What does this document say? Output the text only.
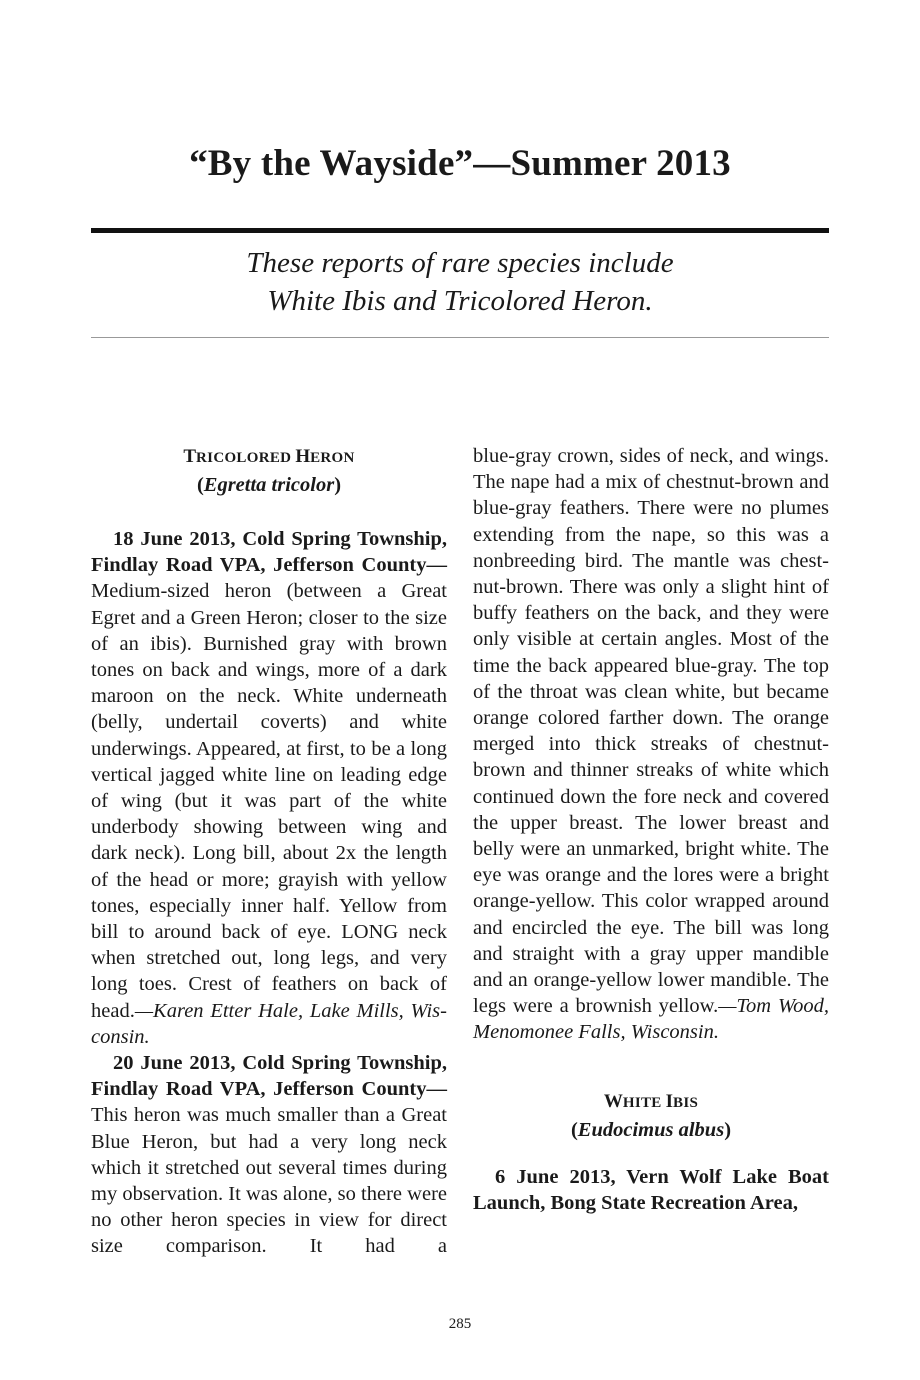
“By the Wayside”—Summer 2013
These reports of rare species include
White Ibis and Tricolored Heron.
TRICOLORED HERON
(Egretta tricolor)

18 June 2013, Cold Spring Township, Findlay Road VPA, Jefferson County—Medium-sized heron (between a Great Egret and a Green Heron; closer to the size of an ibis). Burnished gray with brown tones on back and wings, more of a dark maroon on the neck. White underneath (belly, undertail coverts) and white underwings. Appeared, at first, to be a long vertical jagged white line on leading edge of wing (but it was part of the white underbody showing between wing and dark neck). Long bill, about 2x the length of the head or more; grayish with yellow tones, especially inner half. Yellow from bill to around back of eye. LONG neck when stretched out, long legs, and very long toes. Crest of feathers on back of head.—Karen Etter Hale, Lake Mills, Wisconsin.

20 June 2013, Cold Spring Township, Findlay Road VPA, Jefferson County—This heron was much smaller than a Great Blue Heron, but had a very long neck which it stretched out several times during my observation. It was alone, so there were no other heron species in view for direct size comparison. It had a

blue-gray crown, sides of neck, and wings. The nape had a mix of chestnut-brown and blue-gray feathers. There were no plumes extending from the nape, so this was a nonbreeding bird. The mantle was chestnut-brown. There was only a slight hint of buffy feathers on the back, and they were only visible at certain angles. Most of the time the back appeared blue-gray. The top of the throat was clean white, but became orange colored farther down. The orange merged into thick streaks of chestnut-brown and thinner streaks of white which continued down the fore neck and covered the upper breast. The lower breast and belly were an unmarked, bright white. The eye was orange and the lores were a bright orange-yellow. This color wrapped around and encircled the eye. The bill was long and straight with a gray upper mandible and an orange-yellow lower mandible. The legs were a brownish yellow.—Tom Wood, Menomonee Falls, Wisconsin.

WHITE IBIS
(Eudocimus albus)

6 June 2013, Vern Wolf Lake Boat Launch, Bong State Recreation Area,

285
